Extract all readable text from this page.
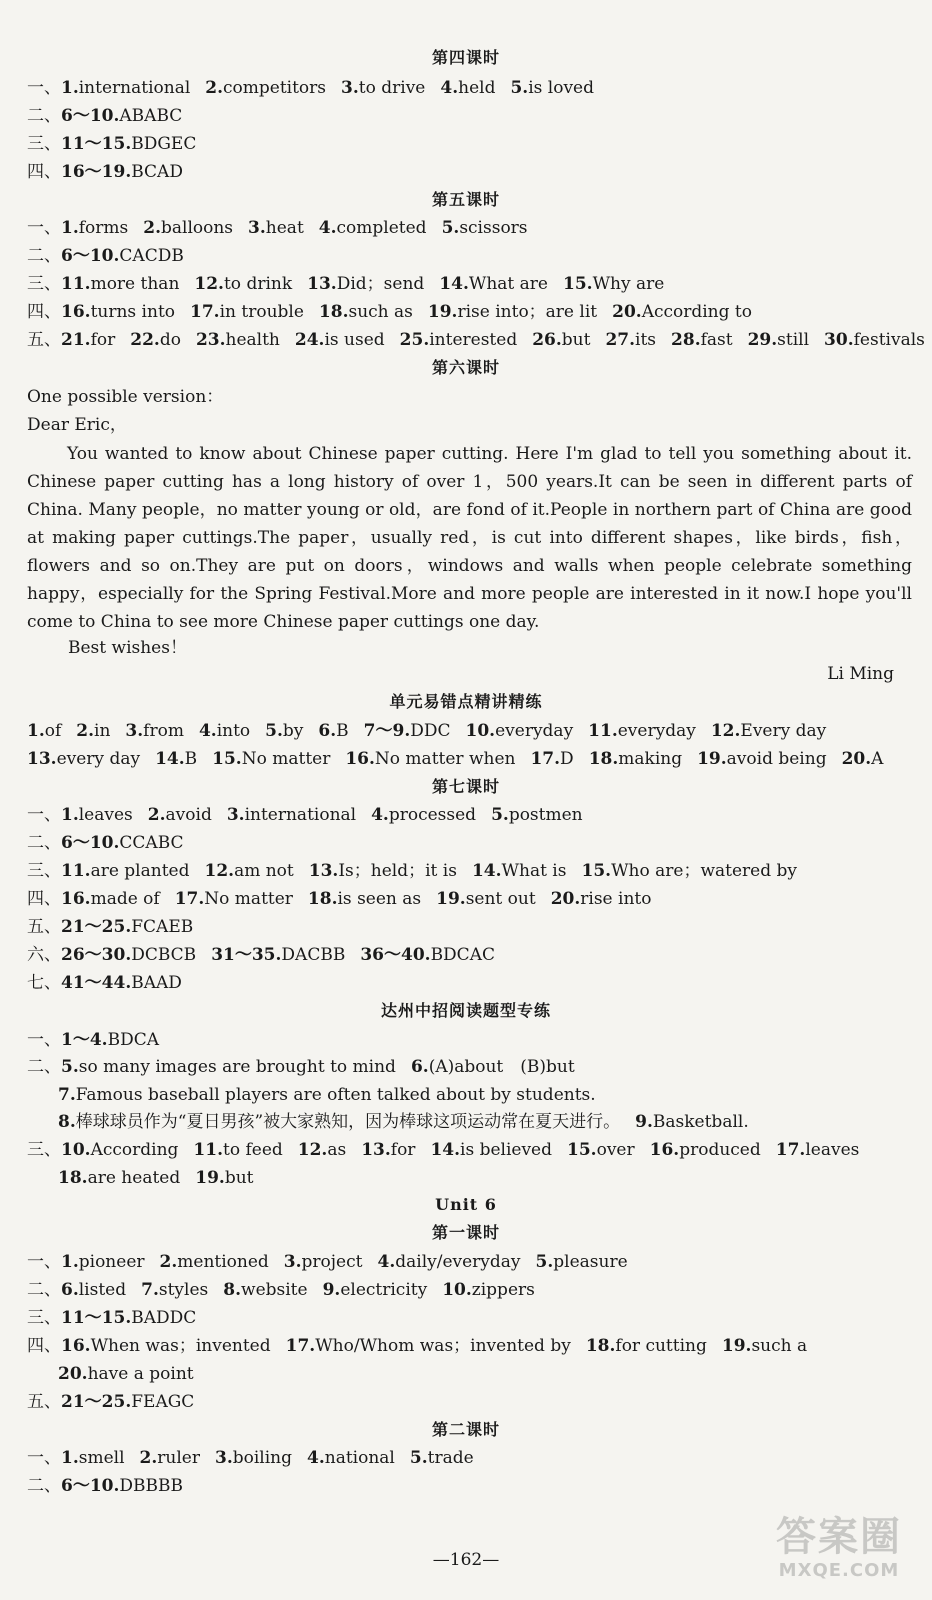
第四课时
一、1.international 2.competitors 3.to drive 4.held 5.is loved
二、6～10.ABABC
三、11～15.BDGEC
四、16～19.BCAD
第五课时
一、1.forms 2.balloons 3.heat 4.completed 5.scissors
二、6～10.CACDB
三、11.more than 12.to drink 13.Did；send 14.What are 15.Why are
四、16.turns into 17.in trouble 18.such as 19.rise into；are lit 20.According to
五、21.for 22.do 23.health 24.is used 25.interested 26.but 27.its 28.fast 29.still 30.festivals
第六课时
One possible version：
Dear Eric，
You wanted to know about Chinese paper cutting. Here I'm glad to tell you something about it. Chinese paper cutting has a long history of over 1，500 years.It can be seen in different parts of China. Many people，no matter young or old，are fond of it.People in northern part of China are good at making paper cuttings.The paper，usually red，is cut into different shapes，like birds，fish，flowers and so on.They are put on doors，windows and walls when people celebrate something happy，especially for the Spring Festival.More and more people are interested in it now.I hope you'll come to China to see more Chinese paper cuttings one day.
Best wishes！
Li Ming
单元易错点精讲精练
1.of 2.in 3.from 4.into 5.by 6.B 7～9.DDC 10.everyday 11.everyday 12.Every day
13.every day 14.B 15.No matter 16.No matter when 17.D 18.making 19.avoid being 20.A
第七课时
一、1.leaves 2.avoid 3.international 4.processed 5.postmen
二、6～10.CCABC
三、11.are planted 12.am not 13.Is；held；it is 14.What is 15.Who are；watered by
四、16.made of 17.No matter 18.is seen as 19.sent out 20.rise into
五、21～25.FCAEB
六、26～30.DCBCB 31～35.DACBB 36～40.BDCAC
七、41～44.BAAD
达州中招阅读题型专练
一、1～4.BDCA
二、5.so many images are brought to mind 6.(A)about　(B)but
7.Famous baseball players are often talked about by students.
8.棒球球员作为“夏日男孩”被大家熟知，因为棒球这项运动常在夏天进行。 9.Basketball.
三、10.According 11.to feed 12.as 13.for 14.is believed 15.over 16.produced 17.leaves
18.are heated 19.but
Unit 6
第一课时
一、1.pioneer 2.mentioned 3.project 4.daily/everyday 5.pleasure
二、6.listed 7.styles 8.website 9.electricity 10.zippers
三、11～15.BADDC
四、16.When was；invented 17.Who/Whom was；invented by 18.for cutting 19.such a
20.have a point
五、21～25.FEAGC
第二课时
一、1.smell 2.ruler 3.boiling 4.national 5.trade
二、6～10.DBBBB
—162—	答案圈
MXQE.COM
